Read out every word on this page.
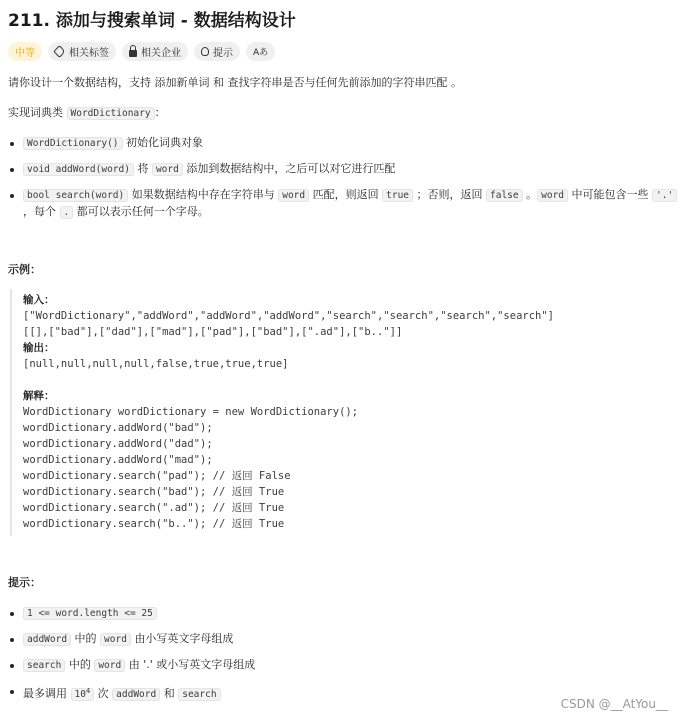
211. 添加与搜索单词 - 数据结构设计
中等	相关标签	相关企业	提示 Aあ
请你设计一个数据结构，支持 添加新单词 和 查找字符串是否与任何先前添加的字符串匹配 。
实现词典类 WordDictionary ：
WordDictionary() 初始化词典对象
void addWord(word) 将 word 添加到数据结构中，之后可以对它进行匹配
bool search(word) 如果数据结构中存在字符串与 word 匹配，则返回 true ；否则，返回 false 。 word 中可能包含一些 '.'
，每个 . 都可以表示任何一个字母。
示例：
输入：
["WordDictionary","addWord","addWord","addWord","search","search","search","search"]
[[],["bad"],["dad"],["mad"],["pad"],["bad"],[".ad"],["b.."]]
输出：
[null,null,null,null,false,true,true,true]
解释：
WordDictionary wordDictionary = new WordDictionary();
wordDictionary.addWord("bad");
wordDictionary.addWord("dad");
wordDictionary.addWord("mad");
wordDictionary.search("pad"); // 返回 False
wordDictionary.search("bad"); // 返回 True
wordDictionary.search(".ad"); // 返回 True
wordDictionary.search("b.."); // 返回 True
提示：
1 <= word.length <= 25
addWord 中的 word 由小写英文字母组成
search 中的 word 由 '.' 或小写英文字母组成
最多调用 $10^4$ 次 addWord 和 search
CSDN @__AtYou__
